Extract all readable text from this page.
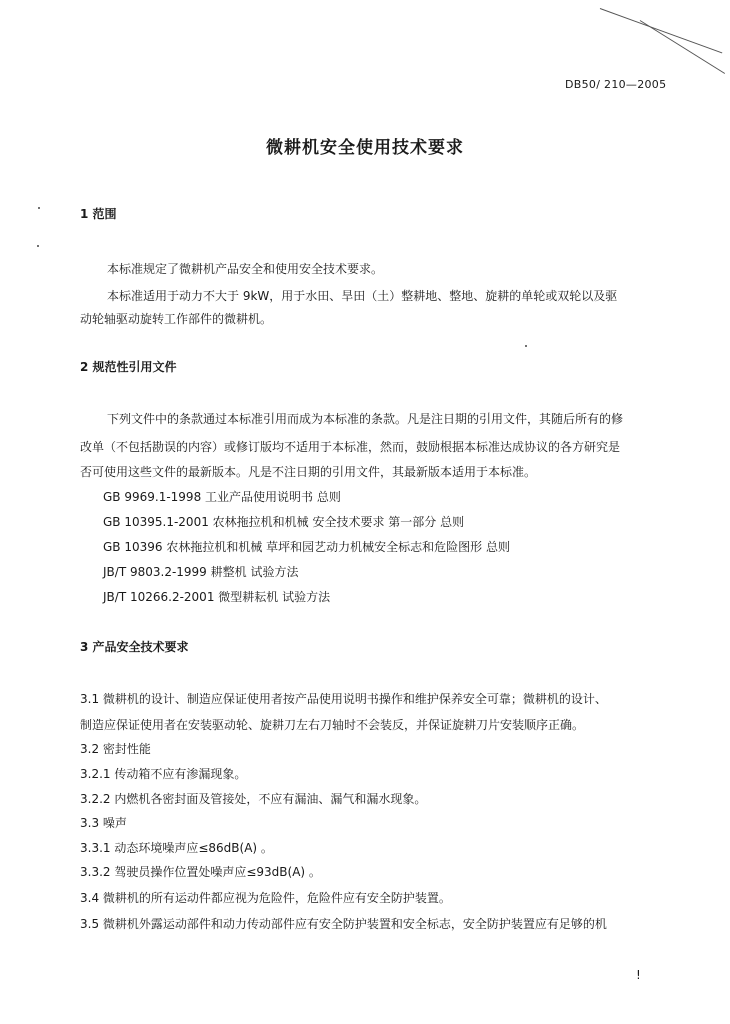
DB50/ 210—2005
微耕机安全使用技术要求
1 范围
本标准规定了微耕机产品安全和使用安全技术要求。
本标准适用于动力不大于 9kW，用于水田、旱田（土）整耕地、整地、旋耕的单轮或双轮以及驱
动轮轴驱动旋转工作部件的微耕机。
2 规范性引用文件
下列文件中的条款通过本标准引用而成为本标准的条款。凡是注日期的引用文件，其随后所有的修
改单（不包括勘误的内容）或修订版均不适用于本标准，然而，鼓励根据本标准达成协议的各方研究是
否可使用这些文件的最新版本。凡是不注日期的引用文件，其最新版本适用于本标准。
GB 9969.1-1998 工业产品使用说明书 总则
GB 10395.1-2001 农林拖拉机和机械 安全技术要求 第一部分 总则
GB 10396 农林拖拉机和机械 草坪和园艺动力机械安全标志和危险图形 总则
JB/T 9803.2-1999 耕整机 试验方法
JB/T 10266.2-2001 微型耕耘机 试验方法
3 产品安全技术要求
3.1 微耕机的设计、制造应保证使用者按产品使用说明书操作和维护保养安全可靠；微耕机的设计、
制造应保证使用者在安装驱动轮、旋耕刀左右刀轴时不会装反，并保证旋耕刀片安装顺序正确。
3.2 密封性能
3.2.1 传动箱不应有渗漏现象。
3.2.2 内燃机各密封面及管接处，不应有漏油、漏气和漏水现象。
3.3 噪声
3.3.1 动态环境噪声应≤86dB(A) 。
3.3.2 驾驶员操作位置处噪声应≤93dB(A) 。
3.4 微耕机的所有运动件都应视为危险件，危险件应有安全防护装置。
3.5 微耕机外露运动部件和动力传动部件应有安全防护装置和安全标志，安全防护装置应有足够的机
!
